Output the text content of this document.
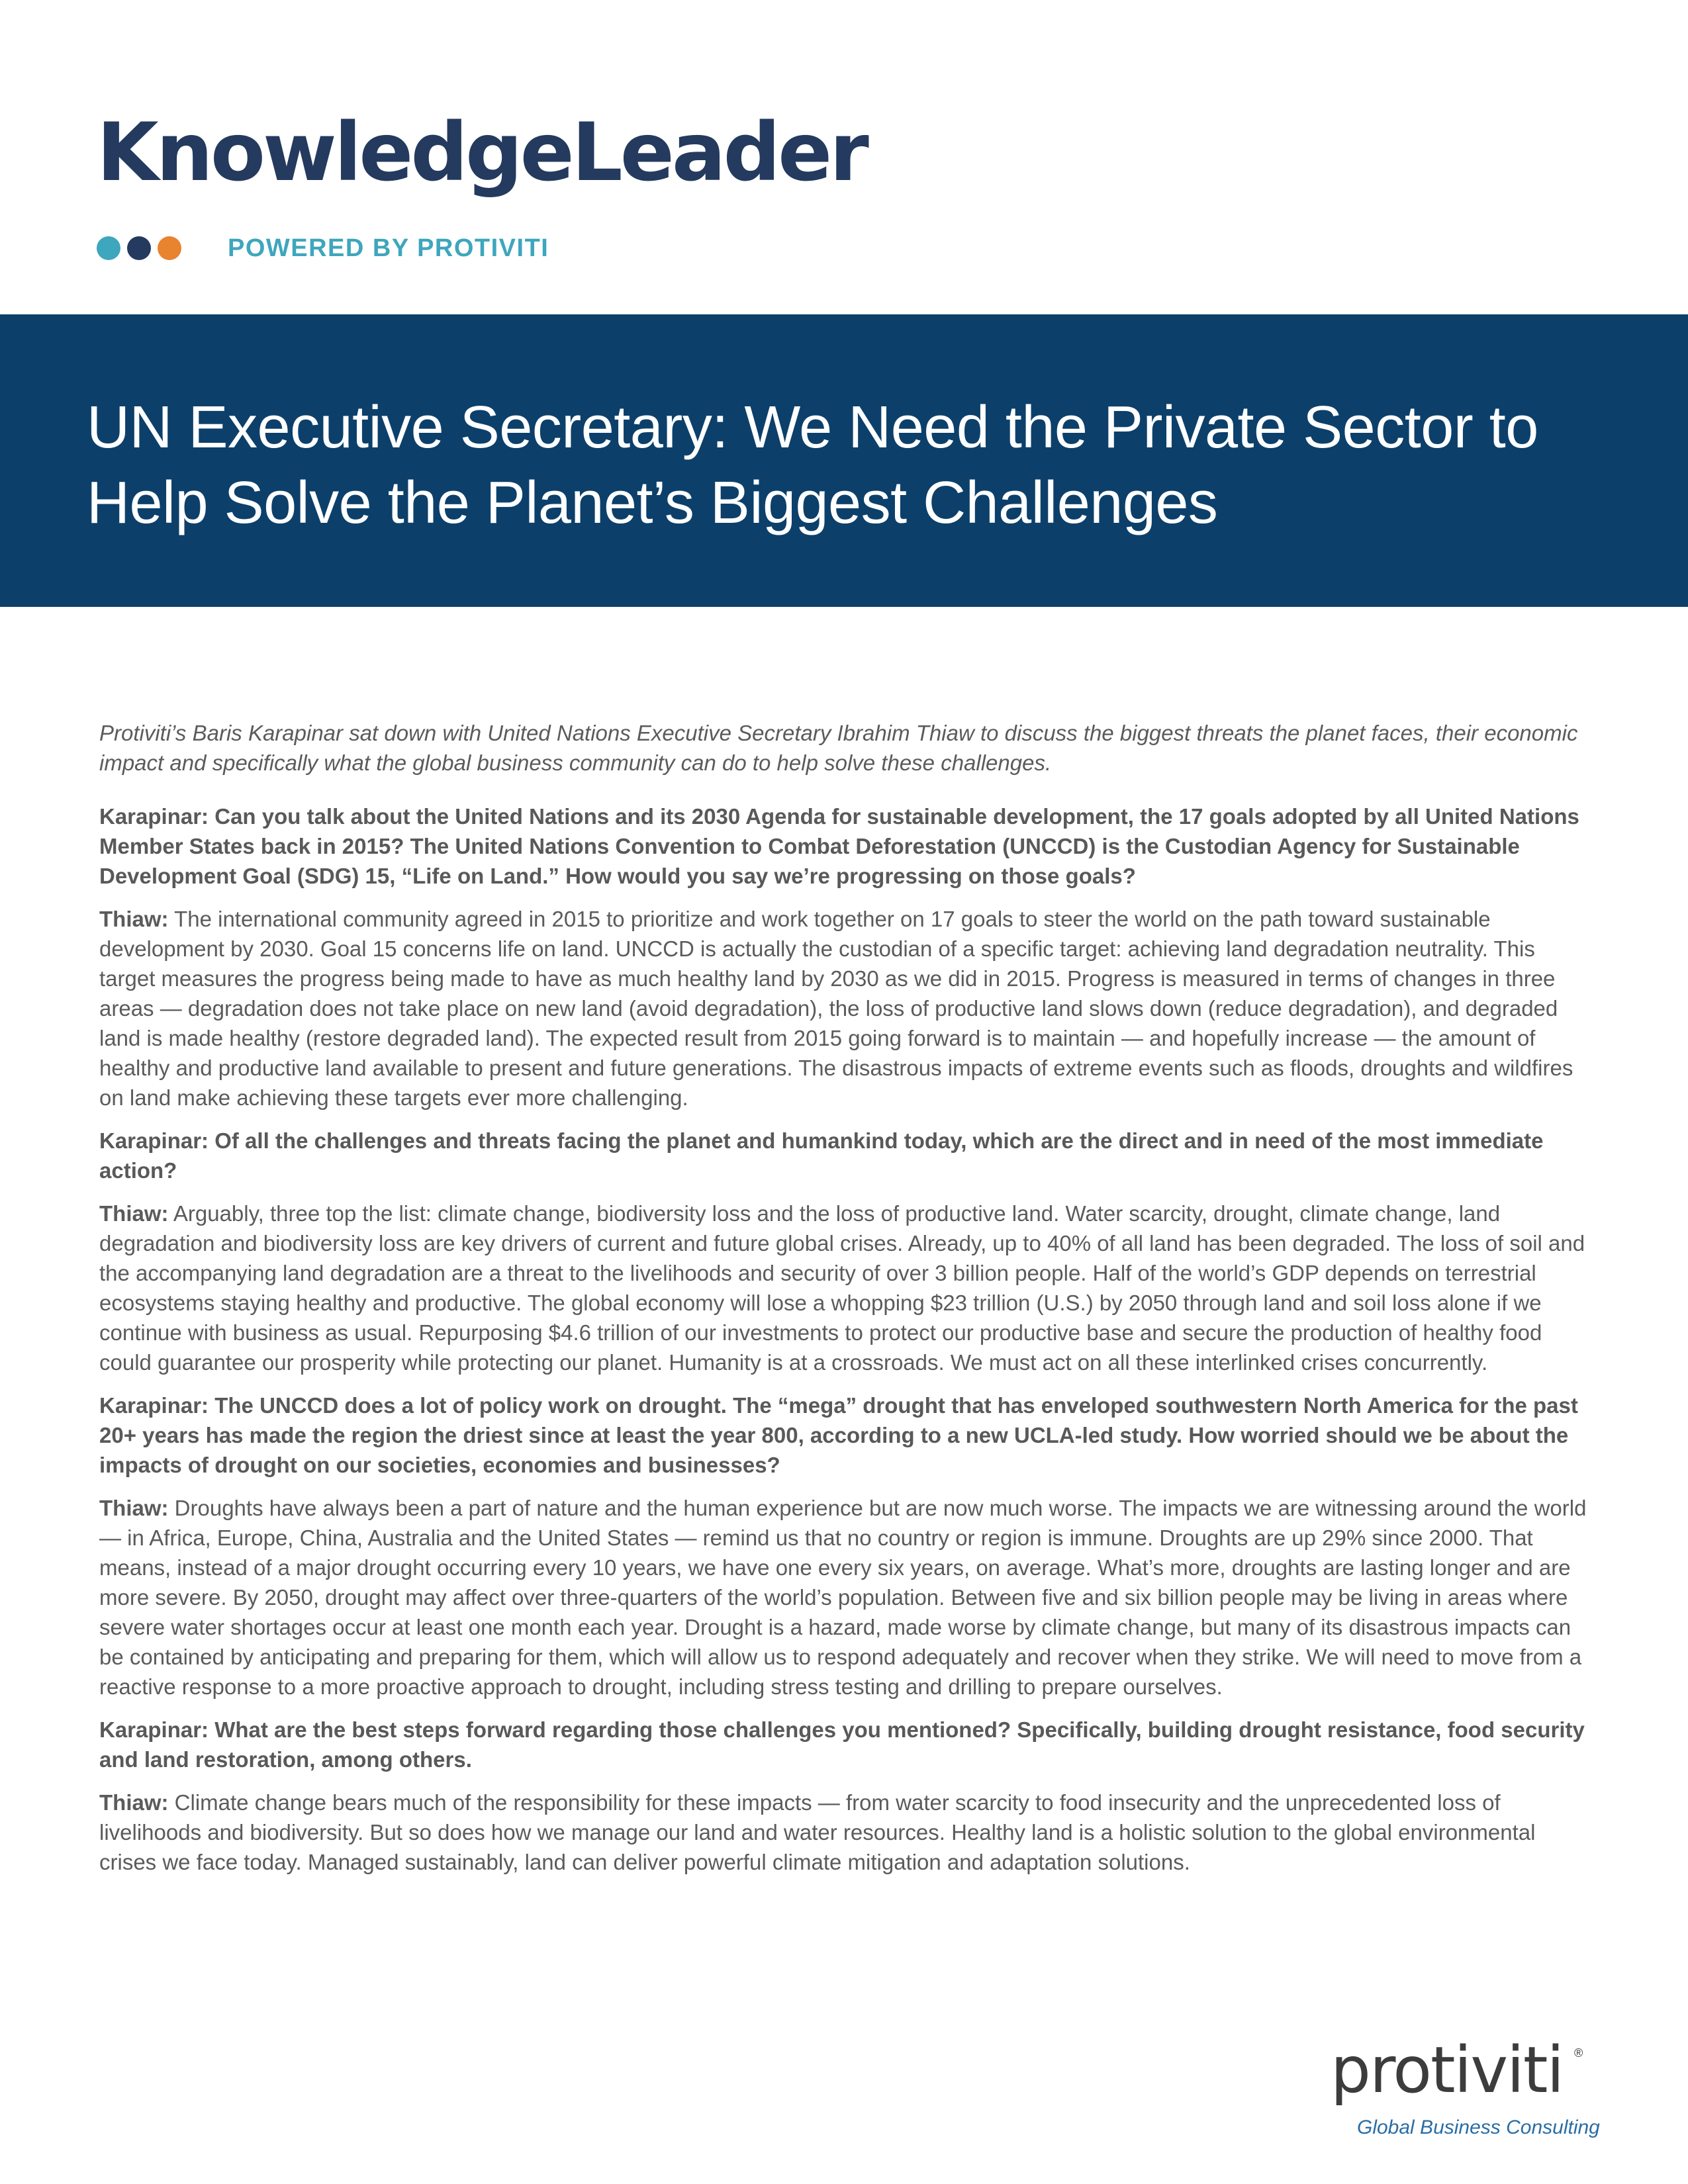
KnowledgeLeader
POWERED BY PROTIVITI
UN Executive Secretary: We Need the Private Sector to
Help Solve the Planet’s Biggest Challenges

Protiviti’s Baris Karapinar sat down with United Nations Executive Secretary Ibrahim Thiaw to discuss the biggest threats the planet faces, their economic impact and specifically what the global business community can do to help solve these challenges.

Karapinar: Can you talk about the United Nations and its 2030 Agenda for sustainable development, the 17 goals adopted by all United Nations Member States back in 2015? The United Nations Convention to Combat Deforestation (UNCCD) is the Custodian Agency for Sustainable Development Goal (SDG) 15, “Life on Land.” How would you say we’re progressing on those goals?

Thiaw: The international community agreed in 2015 to prioritize and work together on 17 goals to steer the world on the path toward sustainable development by 2030. Goal 15 concerns life on land. UNCCD is actually the custodian of a specific target: achieving land degradation neutrality. This target measures the progress being made to have as much healthy land by 2030 as we did in 2015. Progress is measured in terms of changes in three areas — degradation does not take place on new land (avoid degradation), the loss of productive land slows down (reduce degradation), and degraded land is made healthy (restore degraded land). The expected result from 2015 going forward is to maintain — and hopefully increase — the amount of healthy and productive land available to present and future generations. The disastrous impacts of extreme events such as floods, droughts and wildfires on land make achieving these targets ever more challenging.

Karapinar: Of all the challenges and threats facing the planet and humankind today, which are the direct and in need of the most immediate action?

Thiaw: Arguably, three top the list: climate change, biodiversity loss and the loss of productive land. Water scarcity, drought, climate change, land degradation and biodiversity loss are key drivers of current and future global crises. Already, up to 40% of all land has been degraded. The loss of soil and the accompanying land degradation are a threat to the livelihoods and security of over 3 billion people. Half of the world’s GDP depends on terrestrial ecosystems staying healthy and productive. The global economy will lose a whopping $23 trillion (U.S.) by 2050 through land and soil loss alone if we continue with business as usual. Repurposing $4.6 trillion of our investments to protect our productive base and secure the production of healthy food could guarantee our prosperity while protecting our planet. Humanity is at a crossroads. We must act on all these interlinked crises concurrently.

Karapinar: The UNCCD does a lot of policy work on drought. The “mega” drought that has enveloped southwestern North America for the past 20+ years has made the region the driest since at least the year 800, according to a new UCLA-led study. How worried should we be about the impacts of drought on our societies, economies and businesses?

Thiaw: Droughts have always been a part of nature and the human experience but are now much worse. The impacts we are witnessing around the world — in Africa, Europe, China, Australia and the United States — remind us that no country or region is immune. Droughts are up 29% since 2000. That means, instead of a major drought occurring every 10 years, we have one every six years, on average. What’s more, droughts are lasting longer and are more severe. By 2050, drought may affect over three-quarters of the world’s population. Between five and six billion people may be living in areas where severe water shortages occur at least one month each year. Drought is a hazard, made worse by climate change, but many of its disastrous impacts can be contained by anticipating and preparing for them, which will allow us to respond adequately and recover when they strike. We will need to move from a reactive response to a more proactive approach to drought, including stress testing and drilling to prepare ourselves.

Karapinar: What are the best steps forward regarding those challenges you mentioned? Specifically, building drought resistance, food security and land restoration, among others.

Thiaw: Climate change bears much of the responsibility for these impacts — from water scarcity to food insecurity and the unprecedented loss of livelihoods and biodiversity. But so does how we manage our land and water resources. Healthy land is a holistic solution to the global environmental crises we face today. Managed sustainably, land can deliver powerful climate mitigation and adaptation solutions.

protiviti ®
Global Business Consulting
